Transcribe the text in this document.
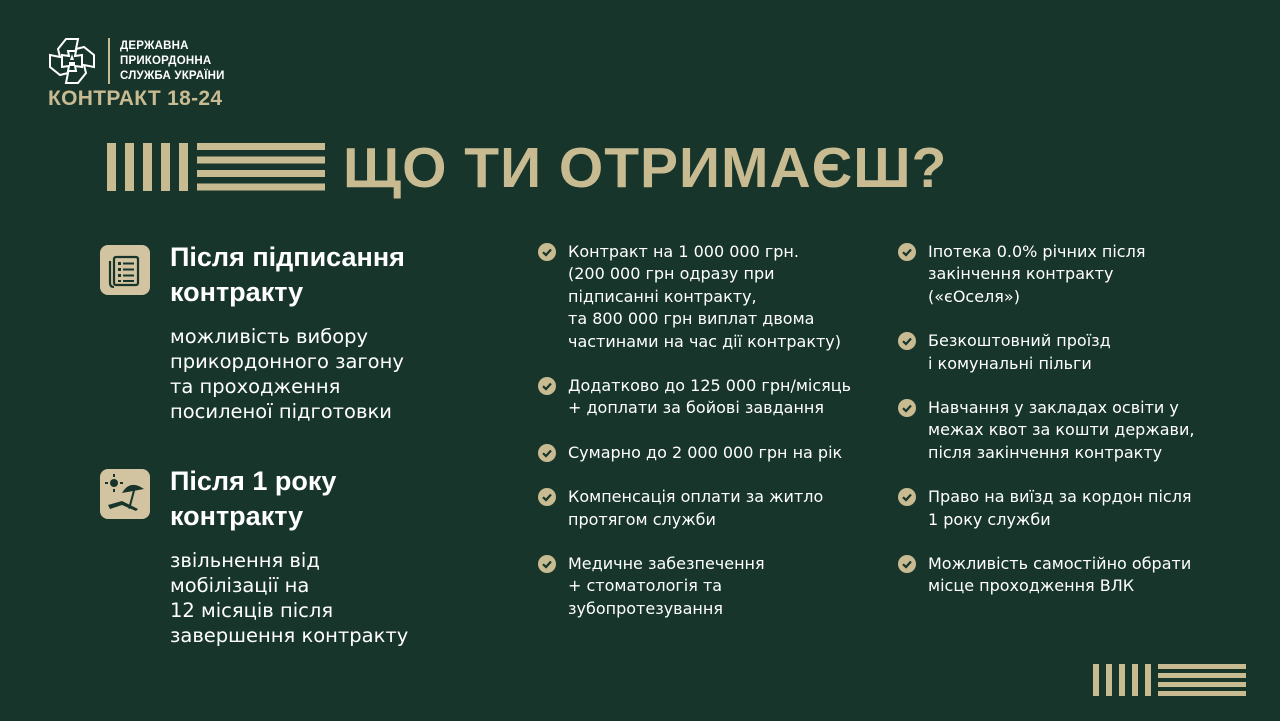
ДЕРЖАВНА
ПРИКОРДОННА
СЛУЖБА УКРАЇНИ
КОНТРАКТ 18-24
ЩО ТИ ОТРИМАЄШ?
Після підписання
контракту
можливість вибору
прикордонного загону
та проходження
посиленої підготовки
Після 1 року
контракту
звільнення від
мобілізації на
12 місяців після
завершення контракту
Контракт на 1 000 000 грн.
(200 000 грн одразу при
підписанні контракту,
та 800 000 грн виплат двома
частинами на час дії контракту)
Додатково до 125 000 грн/місяць
+ доплати за бойові завдання
Сумарно до 2 000 000 грн на рік
Компенсація оплати за житло
протягом служби
Медичне забезпечення
+ стоматологія та
зубопротезування
Іпотека 0.0% річних після
закінчення контракту
(«єОселя»)
Безкоштовний проїзд
і комунальні пільги
Навчання у закладах освіти у
межах квот за кошти держави,
після закінчення контракту
Право на виїзд за кордон після
1 року служби
Можливість самостійно обрати
місце проходження ВЛК
